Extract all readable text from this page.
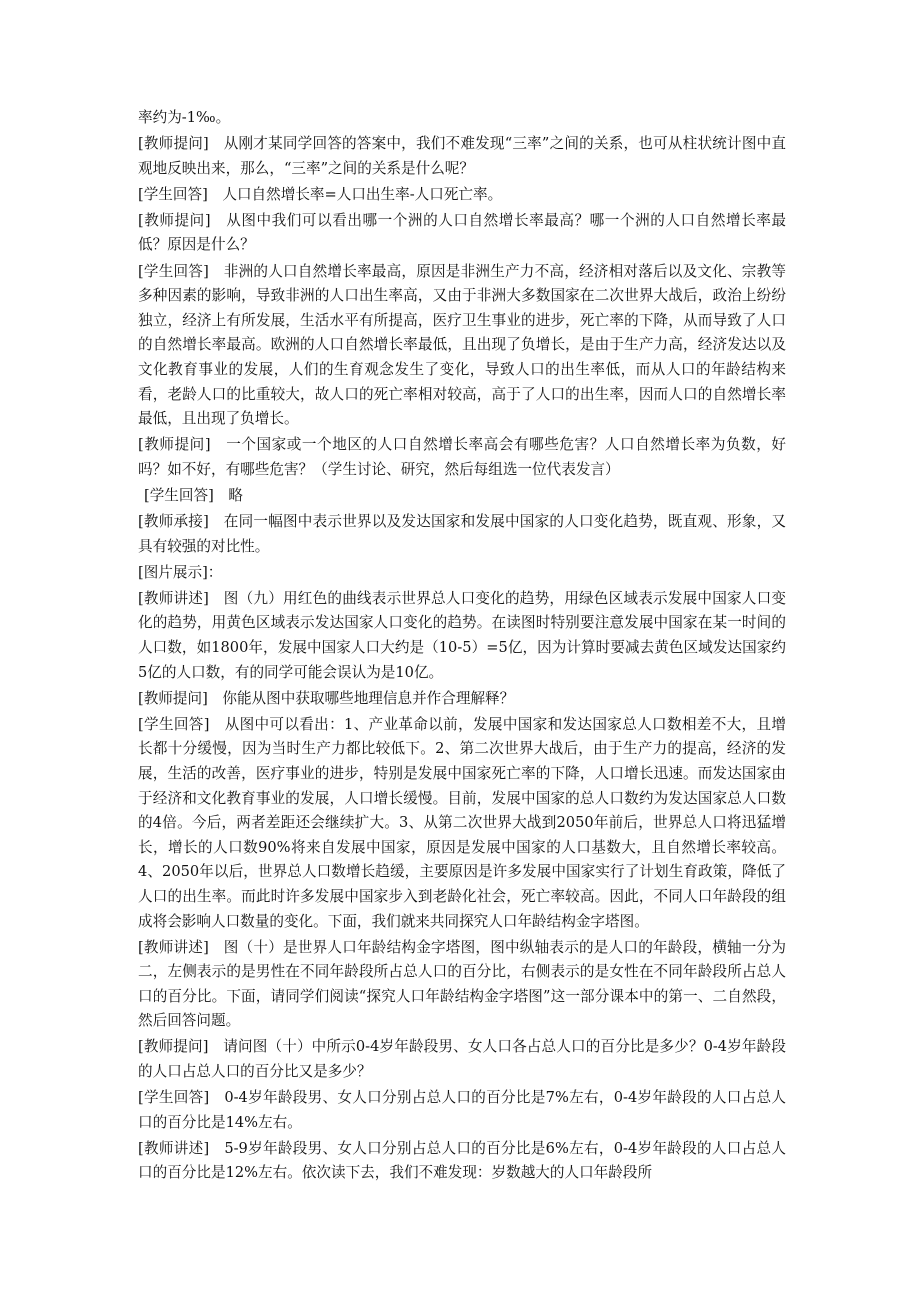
率约为-1‰。

[教师提问]　从刚才某同学回答的答案中，我们不难发现“三率”之间的关系，也可从柱状统计图中直观地反映出来，那么，“三率”之间的关系是什么呢？

[学生回答]　人口自然增长率=人口出生率-人口死亡率。

[教师提问]　从图中我们可以看出哪一个洲的人口自然增长率最高？哪一个洲的人口自然增长率最低？原因是什么？

[学生回答]　非洲的人口自然增长率最高，原因是非洲生产力不高，经济相对落后以及文化、宗教等多种因素的影响，导致非洲的人口出生率高，又由于非洲大多数国家在二次世界大战后，政治上纷纷独立，经济上有所发展，生活水平有所提高，医疗卫生事业的进步，死亡率的下降，从而导致了人口的自然增长率最高。欧洲的人口自然增长率最低，且出现了负增长，是由于生产力高，经济发达以及文化教育事业的发展，人们的生育观念发生了变化，导致人口的出生率低，而从人口的年龄结构来看，老龄人口的比重较大，故人口的死亡率相对较高，高于了人口的出生率，因而人口的自然增长率最低，且出现了负增长。

[教师提问]　一个国家或一个地区的人口自然增长率高会有哪些危害？人口自然增长率为负数，好吗？如不好，有哪些危害？（学生讨论、研究，然后每组选一位代表发言）

[学生回答]　略

[教师承接]　在同一幅图中表示世界以及发达国家和发展中国家的人口变化趋势，既直观、形象，又具有较强的对比性。

[图片展示]：

[教师讲述]　图（九）用红色的曲线表示世界总人口变化的趋势，用绿色区域表示发展中国家人口变化的趋势，用黄色区域表示发达国家人口变化的趋势。在读图时特别要注意发展中国家在某一时间的人口数，如1800年，发展中国家人口大约是（10-5）=5亿，因为计算时要减去黄色区域发达国家约5亿的人口数，有的同学可能会误认为是10亿。

[教师提问]　你能从图中获取哪些地理信息并作合理解释？

[学生回答]　从图中可以看出：1、产业革命以前，发展中国家和发达国家总人口数相差不大，且增长都十分缓慢，因为当时生产力都比较低下。2、第二次世界大战后，由于生产力的提高，经济的发展，生活的改善，医疗事业的进步，特别是发展中国家死亡率的下降，人口增长迅速。而发达国家由于经济和文化教育事业的发展，人口增长缓慢。目前，发展中国家的总人口数约为发达国家总人口数的4倍。今后，两者差距还会继续扩大。3、从第二次世界大战到2050年前后，世界总人口将迅猛增长，增长的人口数90%将来自发展中国家，原因是发展中国家的人口基数大，且自然增长率较高。4、2050年以后，世界总人口数增长趋缓，主要原因是许多发展中国家实行了计划生育政策，降低了人口的出生率。而此时许多发展中国家步入到老龄化社会，死亡率较高。因此，不同人口年龄段的组成将会影响人口数量的变化。下面，我们就来共同探究人口年龄结构金字塔图。

[教师讲述]　图（十）是世界人口年龄结构金字塔图，图中纵轴表示的是人口的年龄段，横轴一分为二，左侧表示的是男性在不同年龄段所占总人口的百分比，右侧表示的是女性在不同年龄段所占总人口的百分比。下面，请同学们阅读“探究人口年龄结构金字塔图”这一部分课本中的第一、二自然段，然后回答问题。

[教师提问]　请问图（十）中所示0-4岁年龄段男、女人口各占总人口的百分比是多少？0-4岁年龄段的人口占总人口的百分比又是多少？

[学生回答]　0-4岁年龄段男、女人口分别占总人口的百分比是7%左右，0-4岁年龄段的人口占总人口的百分比是14%左右。

[教师讲述]　5-9岁年龄段男、女人口分别占总人口的百分比是6%左右，0-4岁年龄段的人口占总人口的百分比是12%左右。依次读下去，我们不难发现：岁数越大的人口年龄段所
